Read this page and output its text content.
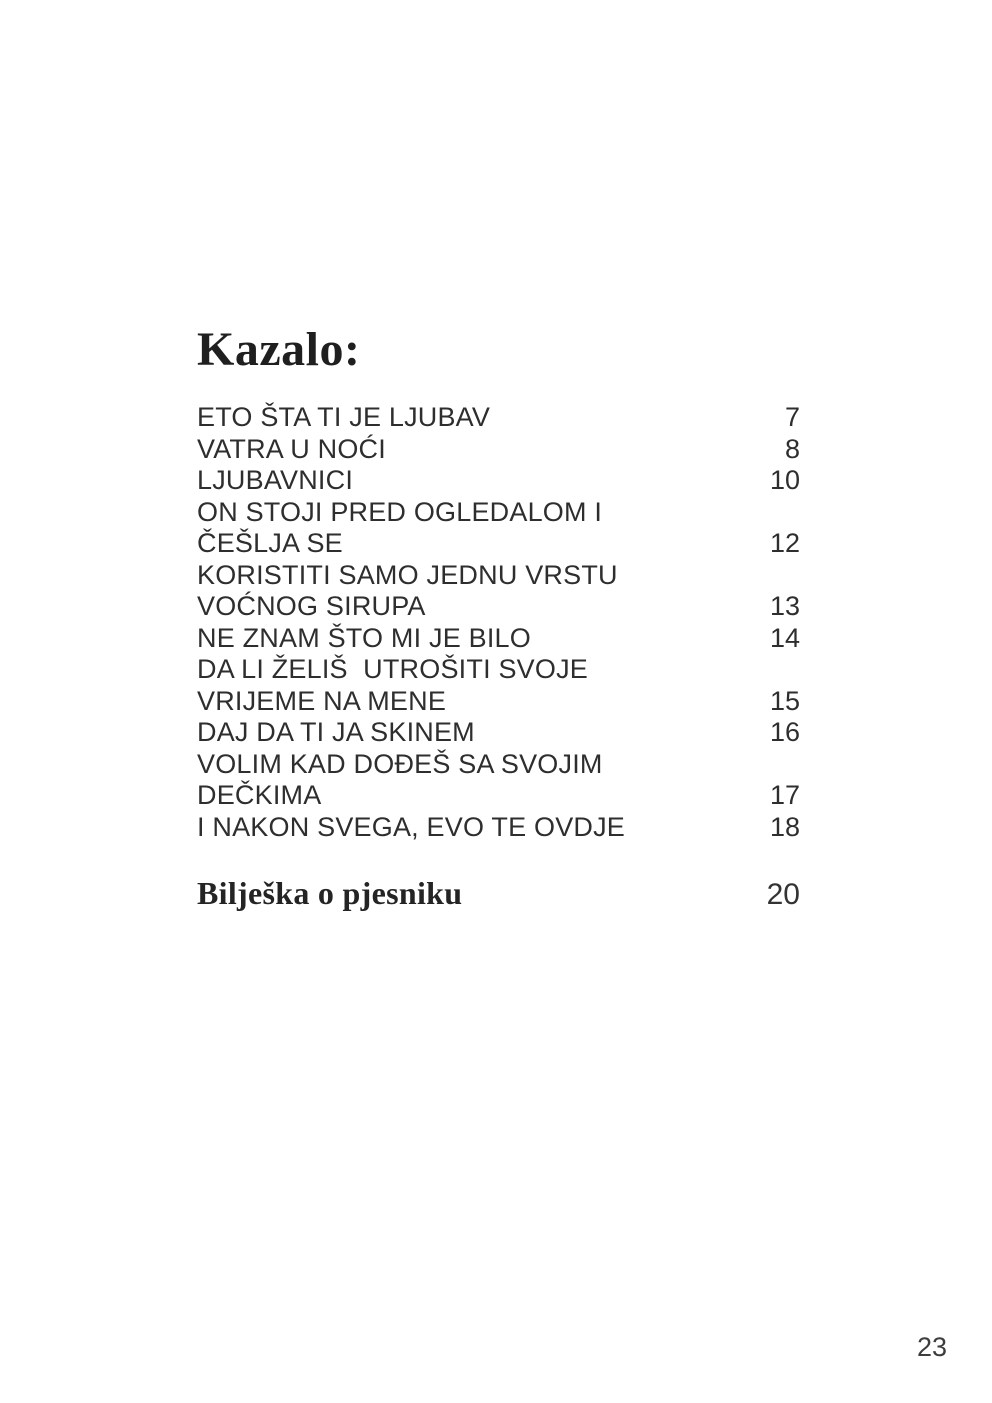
Kazalo:
ETO ŠTA TI JE LJUBAV	7
VATRA U NOĆI	8
LJUBAVNICI	10
ON STOJI PRED OGLEDALOM I
ČEŠLJA SE	12
KORISTITI SAMO JEDNU VRSTU
VOĆNOG SIRUPA	13
NE ZNAM ŠTO MI JE BILO	14
DA LI ŽELIŠ  UTROŠITI SVOJE
VRIJEME NA MENE	15
DAJ DA TI JA SKINEM	16
VOLIM KAD DOĐEŠ SA SVOJIM
DEČKIMA	17
I NAKON SVEGA, EVO TE OVDJE	18
Bilješka o pjesniku	20
23
